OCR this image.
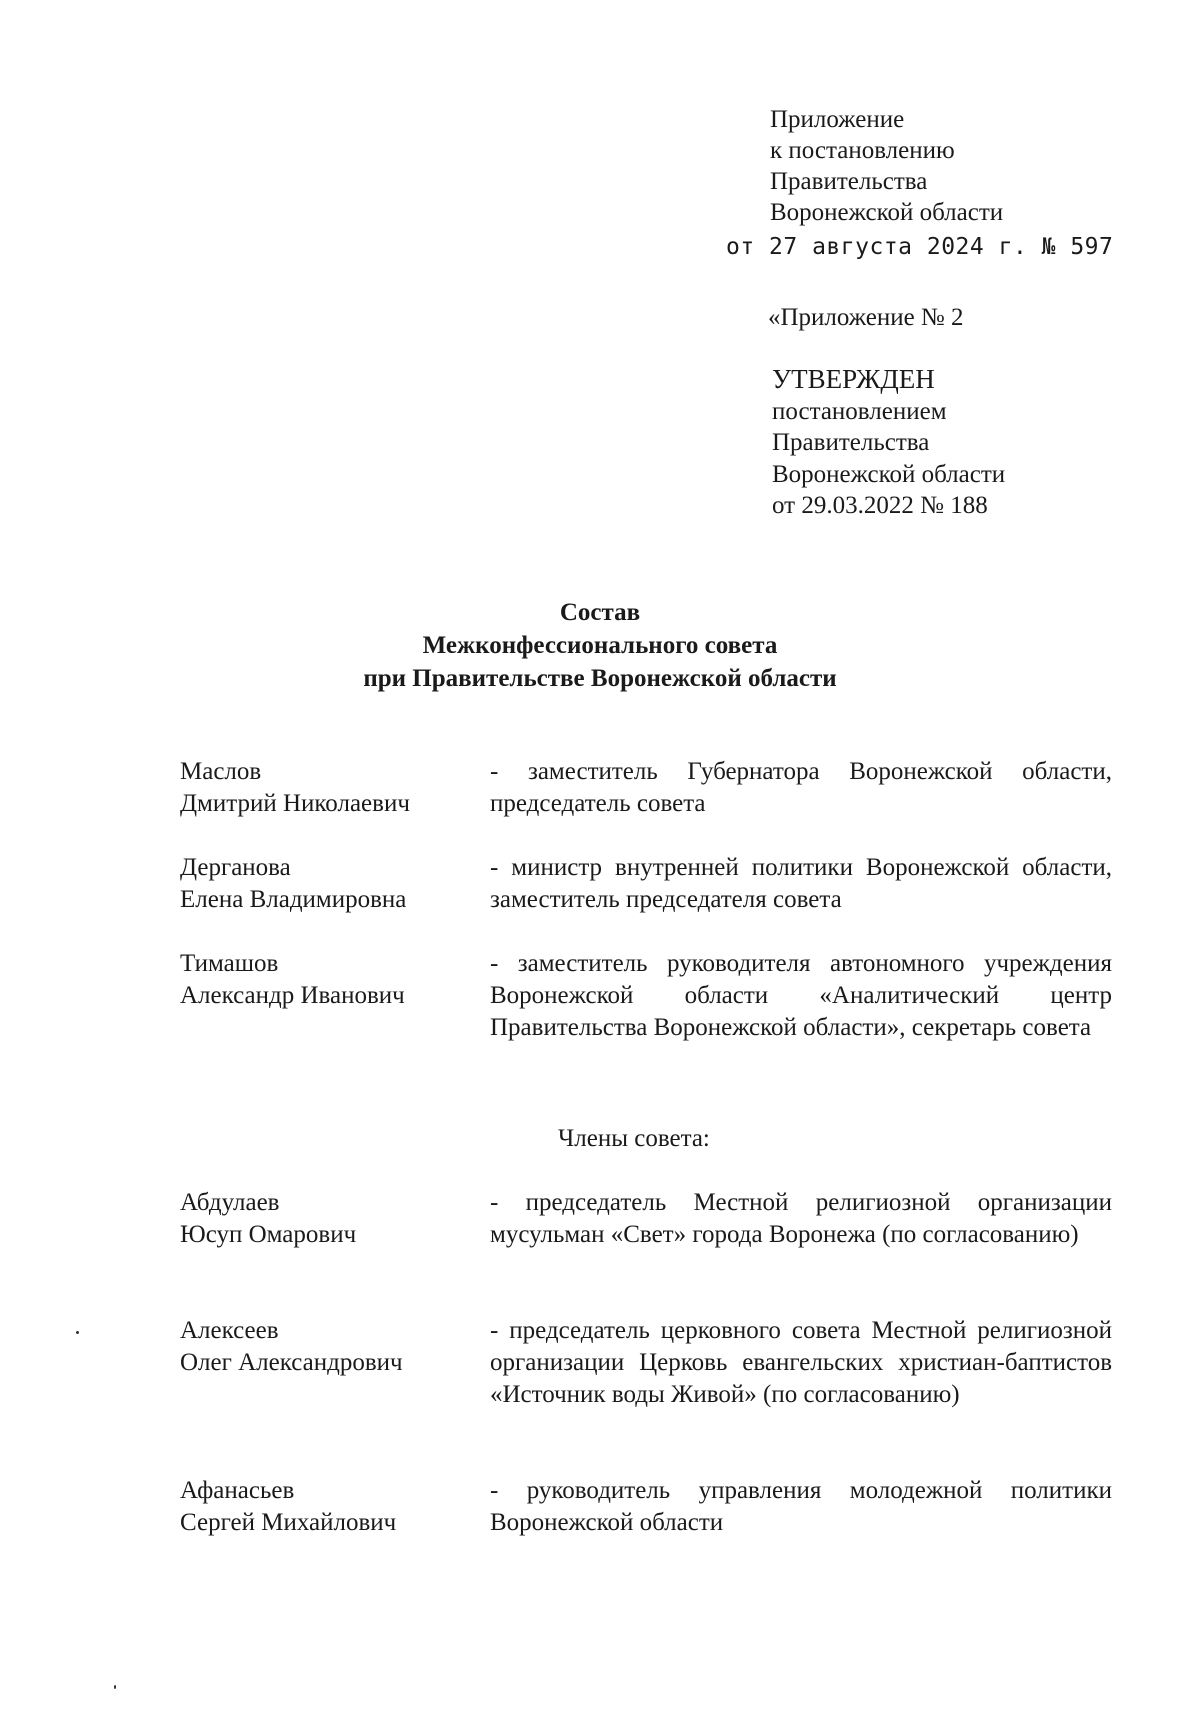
Приложение
к постановлению
Правительства
Воронежской области
от 27 августа 2024 г. № 597
«Приложение № 2
УТВЕРЖДЕН
постановлением
Правительства
Воронежской области
от 29.03.2022 № 188
Состав
Межконфессионального совета
при Правительстве Воронежской области
Маслов
Дмитрий Николаевич
- заместитель Губернатора Воронежской области, председатель совета
Дерганова
Елена Владимировна
- министр внутренней политики Воронежской области, заместитель председателя совета
Тимашов
Александр Иванович
- заместитель руководителя автономного учреждения Воронежской области «Аналитический центр Правительства Воронежской области», секретарь совета
Члены совета:
Абдулаев
Юсуп Омарович
- председатель Местной религиозной организации мусульман «Свет» города Воронежа (по согласованию)
Алексеев
Олег Александрович
- председатель церковного совета Местной религиозной организации Церковь евангельских христиан-баптистов «Источник воды Живой» (по согласованию)
Афанасьев
Сергей Михайлович
- руководитель управления молодежной политики Воронежской области
